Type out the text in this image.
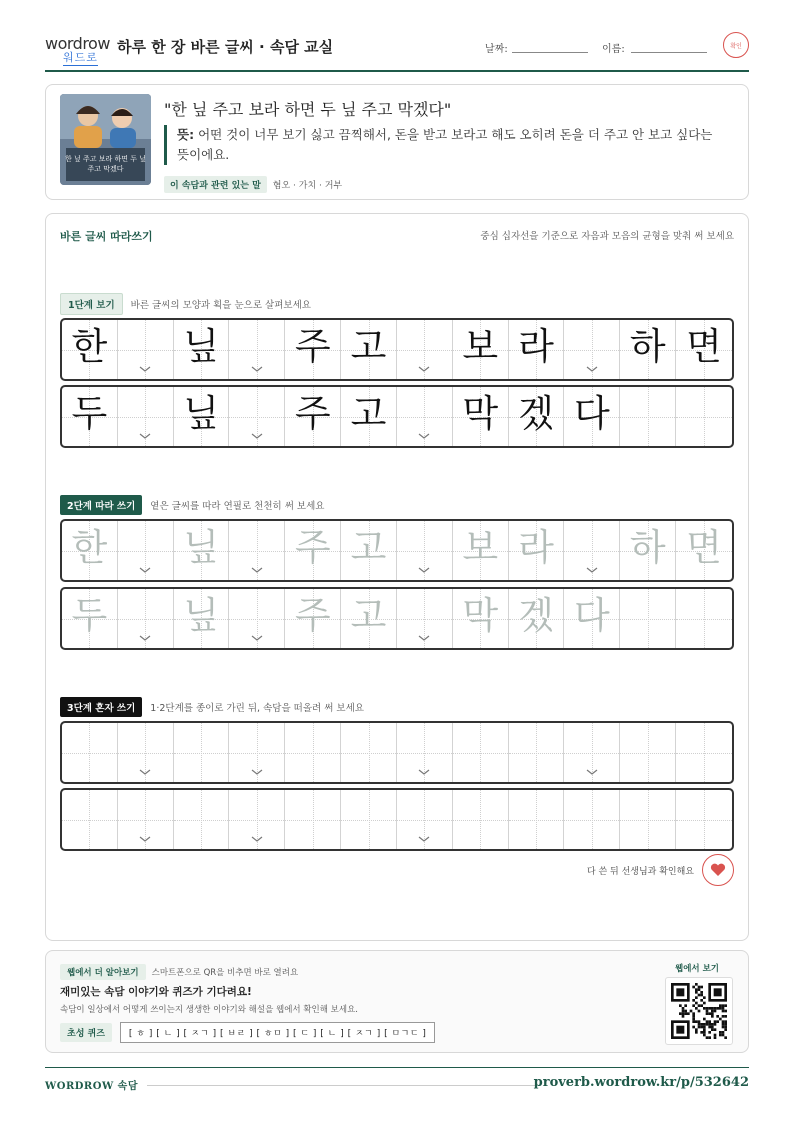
wordrow
워드로
하루 한 장 바른 글씨 · 속담 교실	날짜:	이름:	확인
한 닢 주고 보라 하면 두 닢 주고 막겠다
"한 닢 주고 보라 하면 두 닢 주고 막겠다"
뜻: 어떤 것이 너무 보기 싫고 끔찍해서, 돈을 받고 보라고 해도 오히려 돈을 더 주고 안 보고 싶다는 뜻이에요.
이 속담과 관련 있는 말	혐오 · 가치 · 거부
바른 글씨 따라쓰기	중심 십자선을 기준으로 자음과 모음의 균형을 맞춰 써 보세요
1단계 보기	바른 글씨의 모양과 획을 눈으로 살펴보세요
한 닢 주 고 보 라 하 면
두 닢 주 고 막 겠 다
2단계 따라 쓰기	옅은 글씨를 따라 연필로 천천히 써 보세요
한 닢 주 고 보 라 하 면
두 닢 주 고 막 겠 다
3단계 혼자 쓰기	1·2단계를 종이로 가린 뒤, 속담을 떠올려 써 보세요
다 쓴 뒤 선생님과 확인해요
웹에서 더 알아보기	스마트폰으로 QR을 비추면 바로 열려요
재미있는 속담 이야기와 퀴즈가 기다려요!
속담이 일상에서 어떻게 쓰이는지 생생한 이야기와 해설을 웹에서 확인해 보세요.
초성 퀴즈	[ ㅎ ] [ ㄴ ] [ ㅈㄱ ] [ ㅂㄹ ] [ ㅎㅁ ] [ ㄷ ] [ ㄴ ] [ ㅈㄱ ] [ ㅁㄱㄷ ]
웹에서 보기
WORDROW 속담	proverb.wordrow.kr/p/532642
